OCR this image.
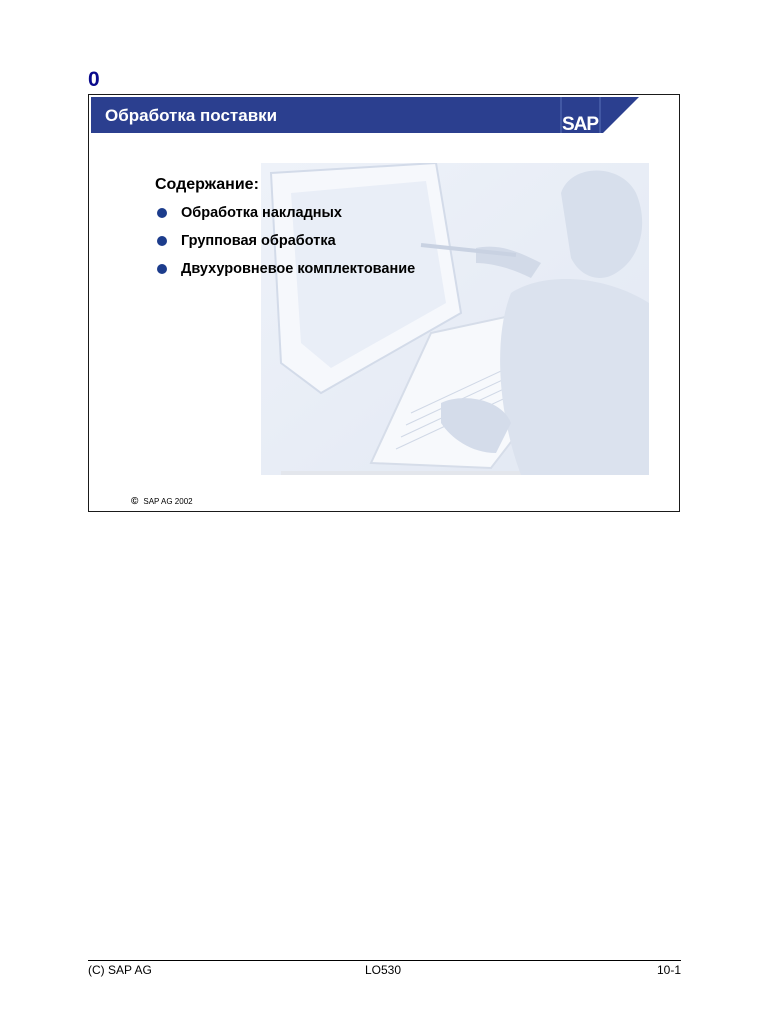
0
Обработка поставки	SAP
Содержание:
Обработка накладных
Групповая обработка
Двухуровневое комплектование
© SAP AG 2002
(C) SAP AG	LO530	10-1
